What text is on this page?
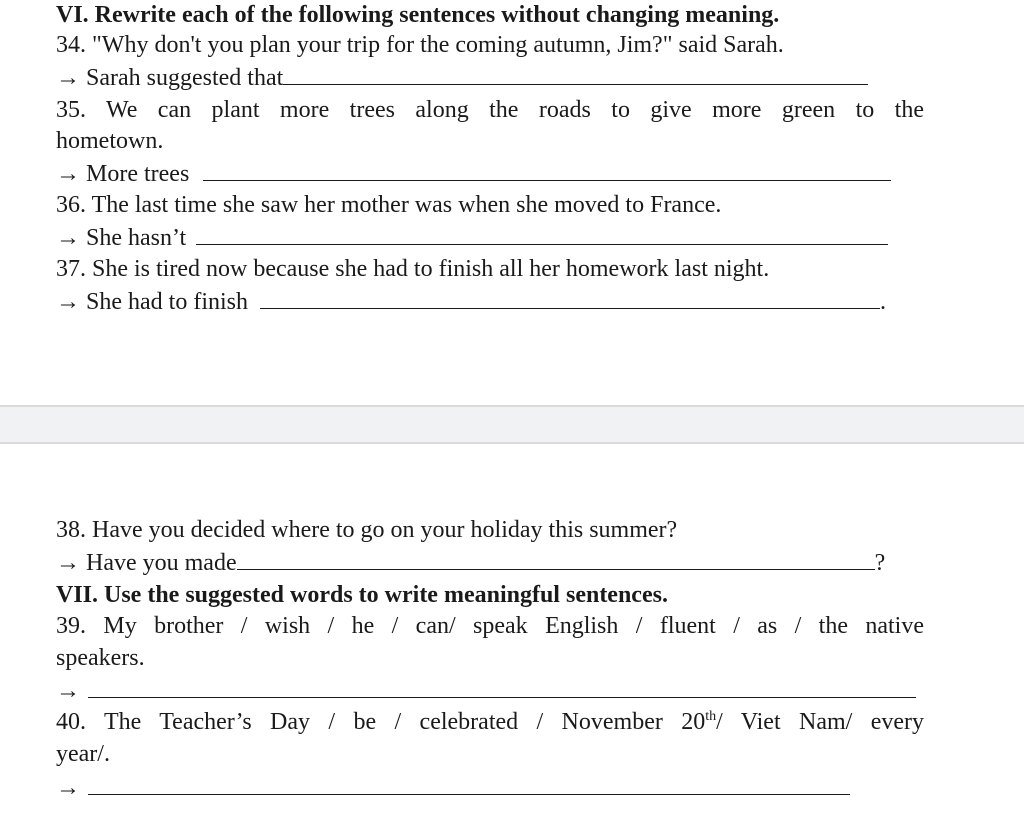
VI. Rewrite each of the following sentences without changing meaning.
34. "Why don't you plan your trip for the coming autumn, Jim?" said Sarah.
→ Sarah suggested that
35. We can plant more trees along the roads to give more green to the
hometown.
→ More trees
36. The last time she saw her mother was when she moved to France.
→ She hasn’t
37. She is tired now because she had to finish all her homework last night.
→ She had to finish	.
38. Have you decided where to go on your holiday this summer?
→ Have you made	?
VII. Use the suggested words to write meaningful sentences.
39. My brother / wish / he / can/ speak English / fluent / as / the native
speakers.
→
40. The Teacher’s Day / be / celebrated / November 20th/ Viet Nam/ every
year/.
→
